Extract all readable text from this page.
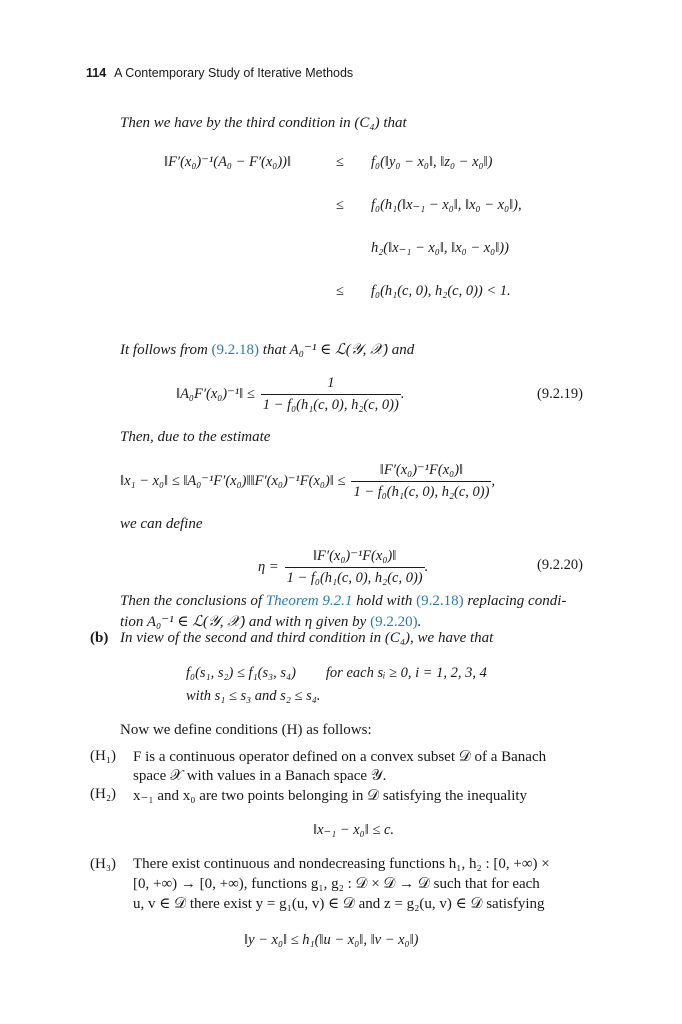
114 A Contemporary Study of Iterative Methods
Then we have by the third condition in (C₄) that
‖F′(x₀)⁻¹(A₀ − F′(x₀))‖	≤ f₀(‖y₀ − x₀‖, ‖z₀ − x₀‖)
≤ f₀(h₁(‖x₋₁ − x₀‖, ‖x₀ − x₀‖),
h₂(‖x₋₁ − x₀‖, ‖x₀ − x₀‖))
≤ f₀(h₁(c, 0), h₂(c, 0)) < 1.
It follows from (9.2.18) that A₀⁻¹ ∈ ℒ(𝒴, 𝒳) and
‖A₀F′(x₀)⁻¹‖ ≤ $\frac{1}{\text{1 − f₀(h₁(c, 0), h₂(c, 0))}}$ .	(9.2.19)
Then, due to the estimate
‖x₁ − x₀‖ ≤ ‖A₀⁻¹F′(x₀)‖‖F′(x₀)⁻¹F(x₀)‖ ≤ $\frac{\text{‖F′(x₀)⁻¹F(x₀)‖}}{\text{1 − f₀(h₁(c, 0), h₂(c, 0))}}$ ,
we can define
$\eta = \frac{\text{‖F′(x₀)⁻¹F(x₀)‖}}{\text{1 − f₀(h₁(c, 0), h₂(c, 0))}}$ .	(9.2.20)
Then the conclusions of Theorem 9.2.1 hold with (9.2.18) replacing condi-
tion A₀⁻¹ ∈ ℒ(𝒴, 𝒳) and with η given by (9.2.20).
(b) In view of the second and third condition in (C₄), we have that
f₀(s₁, s₂) ≤ f₁(s₃, s₄) for each sᵢ ≥ 0, i = 1, 2, 3, 4
with s₁ ≤ s₃ and s₂ ≤ s₄.
Now we define conditions (H) as follows:
(H₁) F is a continuous operator defined on a convex subset 𝒟 of a Banach
space 𝒳 with values in a Banach space 𝒴.
(H₂) x₋₁ and x₀ are two points belonging in 𝒟 satisfying the inequality
‖x₋₁ − x₀‖ ≤ c.
(H₃) There exist continuous and nondecreasing functions h₁, h₂ : [0, +∞) ×
[0, +∞) → [0, +∞), functions g₁, g₂ : 𝒟 × 𝒟 → 𝒟 such that for each
u, v ∈ 𝒟 there exist y = g₁(u, v) ∈ 𝒟 and z = g₂(u, v) ∈ 𝒟 satisfying
‖y − x₀‖ ≤ h₁(‖u − x₀‖, ‖v − x₀‖)
